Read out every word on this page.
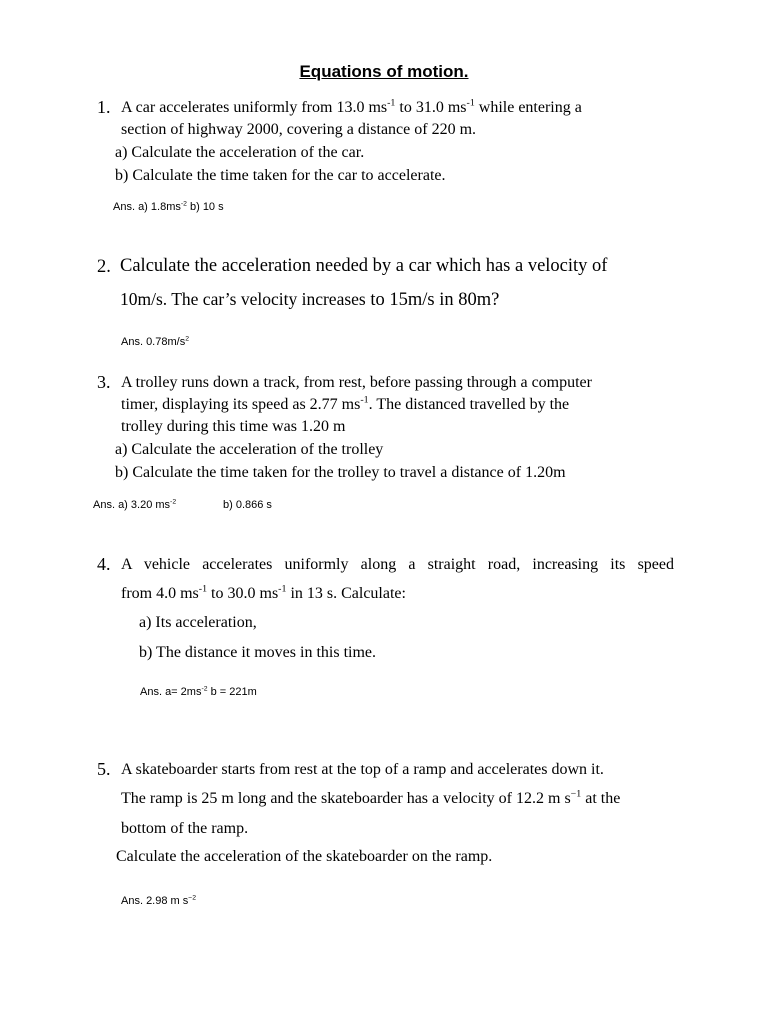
Equations of motion.
1. A car accelerates uniformly from 13.0 $ms^{-1}$ to 31.0 $ms^{-1}$ while entering a
section of highway 2000, covering a distance of 220 m.
a) Calculate the acceleration of the car.
b) Calculate the time taken for the car to accelerate.
Ans. a) $1.8ms^{-2}$ b) 10 s
2. Calculate the acceleration needed by a car which has a velocity of
10m/s. The car’s velocity increases to 15m/s in 80m?
Ans. $0.78m/s^2$
3. A trolley runs down a track, from rest, before passing through a computer
timer, displaying its speed as 2.77 $ms^{-1}$. The distanced travelled by the
trolley during this time was 1.20 m
a) Calculate the acceleration of the trolley
b) Calculate the time taken for the trolley to travel a distance of 1.20m
Ans. a) 3.20 $ms^{-2}$	b) 0.866 s
4. A vehicle accelerates uniformly along a straight road, increasing its speed
from 4.0 $ms^{-1}$ to 30.0 $ms^{-1}$ in 13 s. Calculate:
a) Its acceleration,
b) The distance it moves in this time.
Ans. $a= 2ms^{-2}$ b = 221m
5. A skateboarder starts from rest at the top of a ramp and accelerates down it.
The ramp is 25 m long and the skateboarder has a velocity of 12.2 m $s^{-1}$ at the
bottom of the ramp.
Calculate the acceleration of the skateboarder on the ramp.
Ans. 2.98 m $s^{-2}$
